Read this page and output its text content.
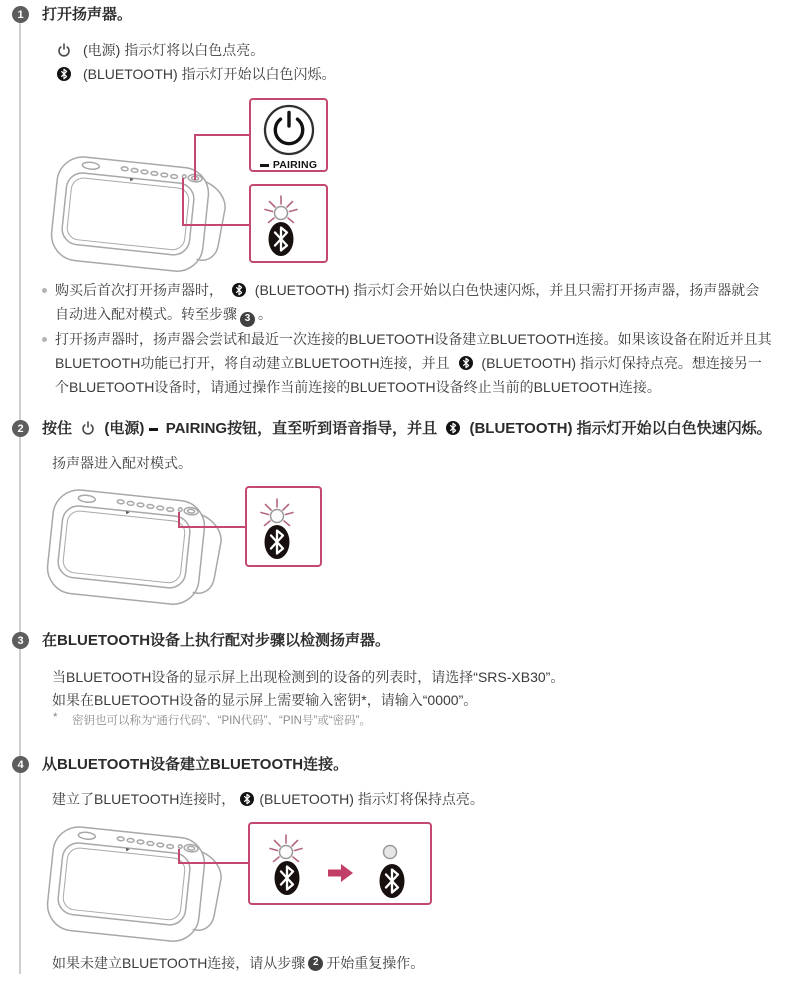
1	打开扬声器。
(电源) 指示灯将以白色点亮。
(BLUETOOTH) 指示灯开始以白色闪烁。
PAIRING
购买后首次打开扬声器时， (BLUETOOTH) 指示灯会开始以白色快速闪烁，并且只需打开扬声器，扬声器就会自动进入配对模式。转至步骤 3 。
打开扬声器时，扬声器会尝试和最近一次连接的BLUETOOTH设备建立BLUETOOTH连接。如果该设备在附近并且其BLUETOOTH功能已打开，将自动建立BLUETOOTH连接，并且 (BLUETOOTH) 指示灯保持点亮。想连接另一个BLUETOOTH设备时，请通过操作当前连接的BLUETOOTH设备终止当前的BLUETOOTH连接。
2	按住 (电源) PAIRING按钮，直至听到语音指导，并且 (BLUETOOTH) 指示灯开始以白色快速闪烁。
扬声器进入配对模式。
3	在BLUETOOTH设备上执行配对步骤以检测扬声器。
当BLUETOOTH设备的显示屏上出现检测到的设备的列表时，请选择“SRS-XB30”。
如果在BLUETOOTH设备的显示屏上需要输入密钥*，请输入“0000”。
*	密钥也可以称为“通行代码”、“PIN代码”、“PIN号”或“密码”。
4	从BLUETOOTH设备建立BLUETOOTH连接。
建立了BLUETOOTH连接时， (BLUETOOTH) 指示灯将保持点亮。
如果未建立BLUETOOTH连接，请从步骤 2 开始重复操作。
